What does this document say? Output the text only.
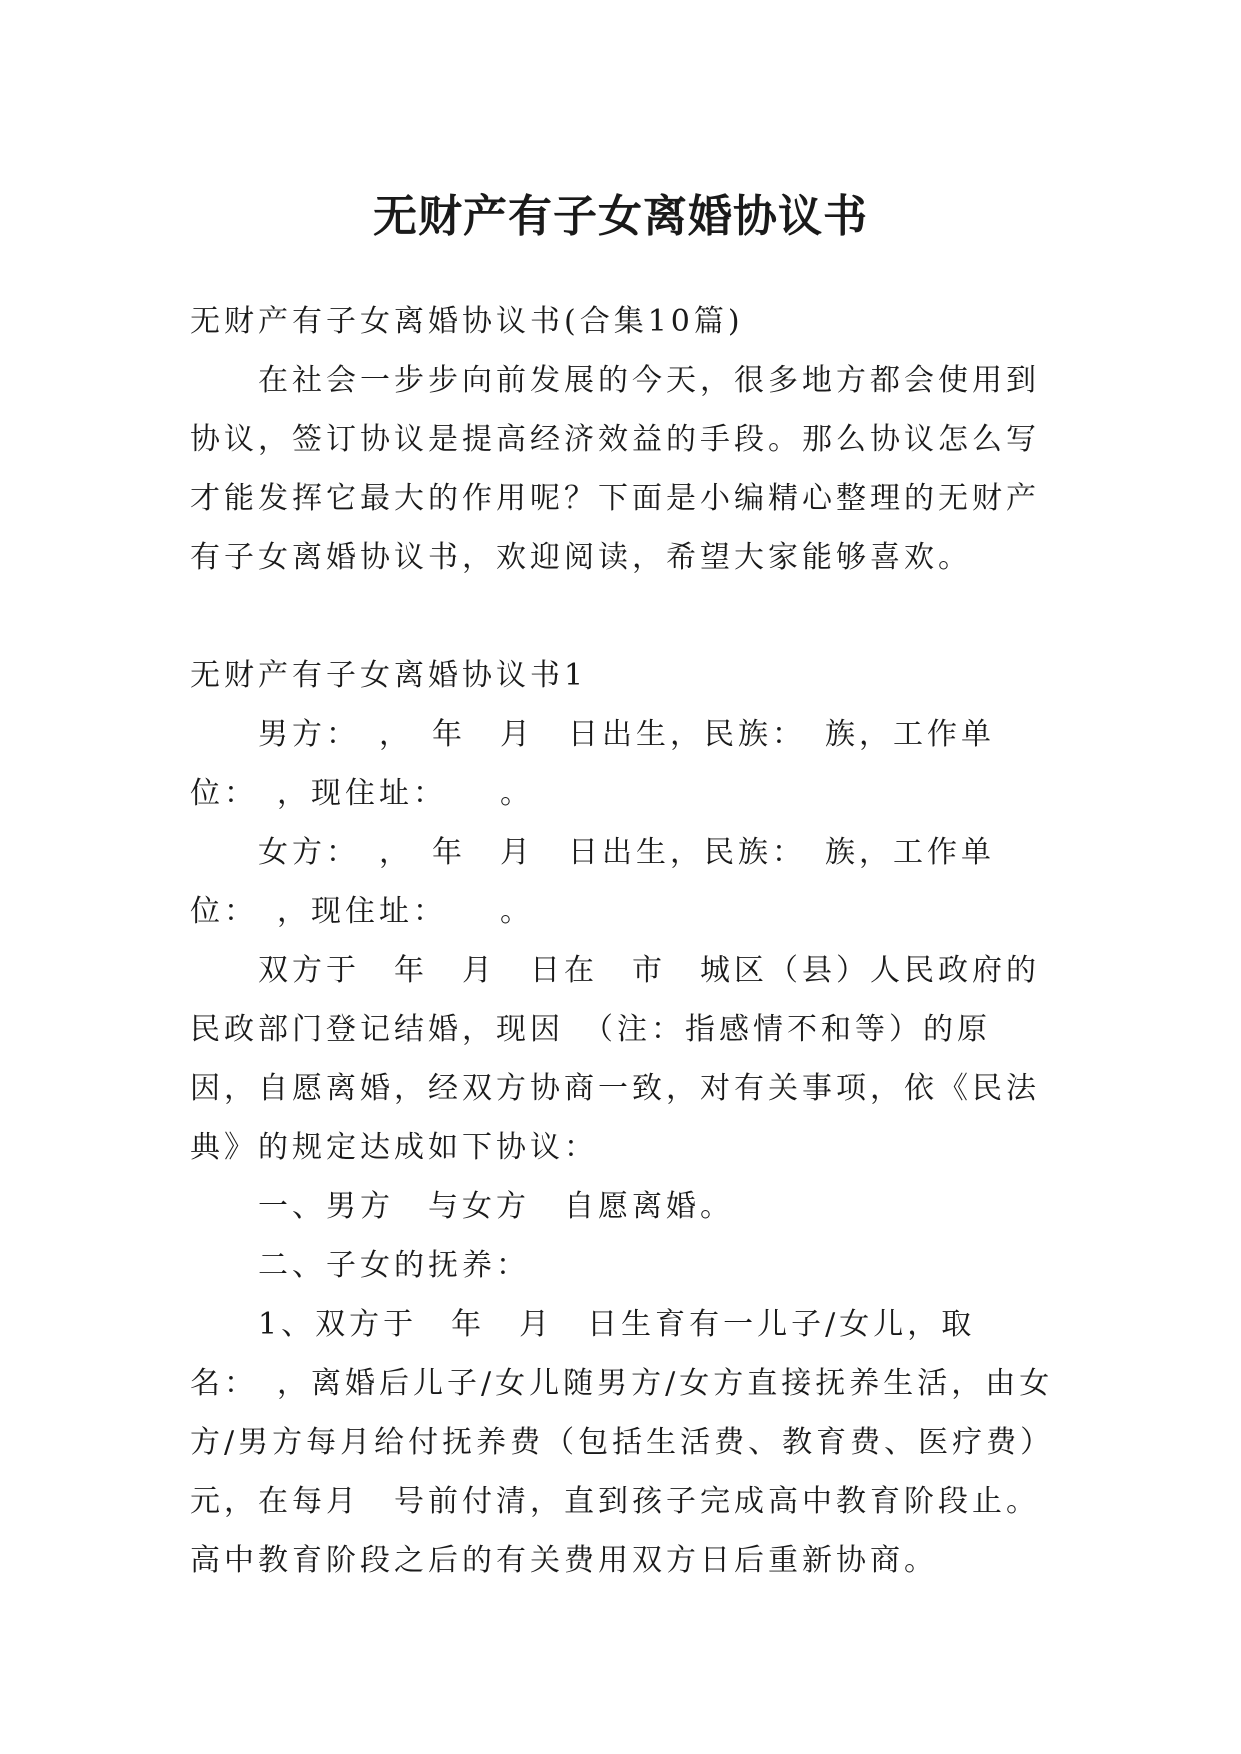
无财产有子女离婚协议书

无财产有子女离婚协议书(合集10篇)

在社会一步步向前发展的今天，很多地方都会使用到协议，签订协议是提高经济效益的手段。那么协议怎么写才能发挥它最大的作用呢？下面是小编精心整理的无财产有子女离婚协议书，欢迎阅读，希望大家能够喜欢。

无财产有子女离婚协议书1

男方：　，　年　月　日出生，民族：　族，工作单位：　，现住址：　　。

女方：　，　年　月　日出生，民族：　族，工作单位：　，现住址：　　。

双方于　年　月　日在　市　城区（县）人民政府的民政部门登记结婚，现因　（注：指感情不和等）的原因，自愿离婚，经双方协商一致，对有关事项，依《民法典》的规定达成如下协议：

一、男方　与女方　自愿离婚。

二、子女的抚养：

1、双方于　年　月　日生育有一儿子/女儿，取名：　，离婚后儿子/女儿随男方/女方直接抚养生活，由女方/男方每月给付抚养费（包括生活费、教育费、医疗费）　元，在每月　号前付清，直到孩子完成高中教育阶段止。高中教育阶段之后的有关费用双方日后重新协商。
